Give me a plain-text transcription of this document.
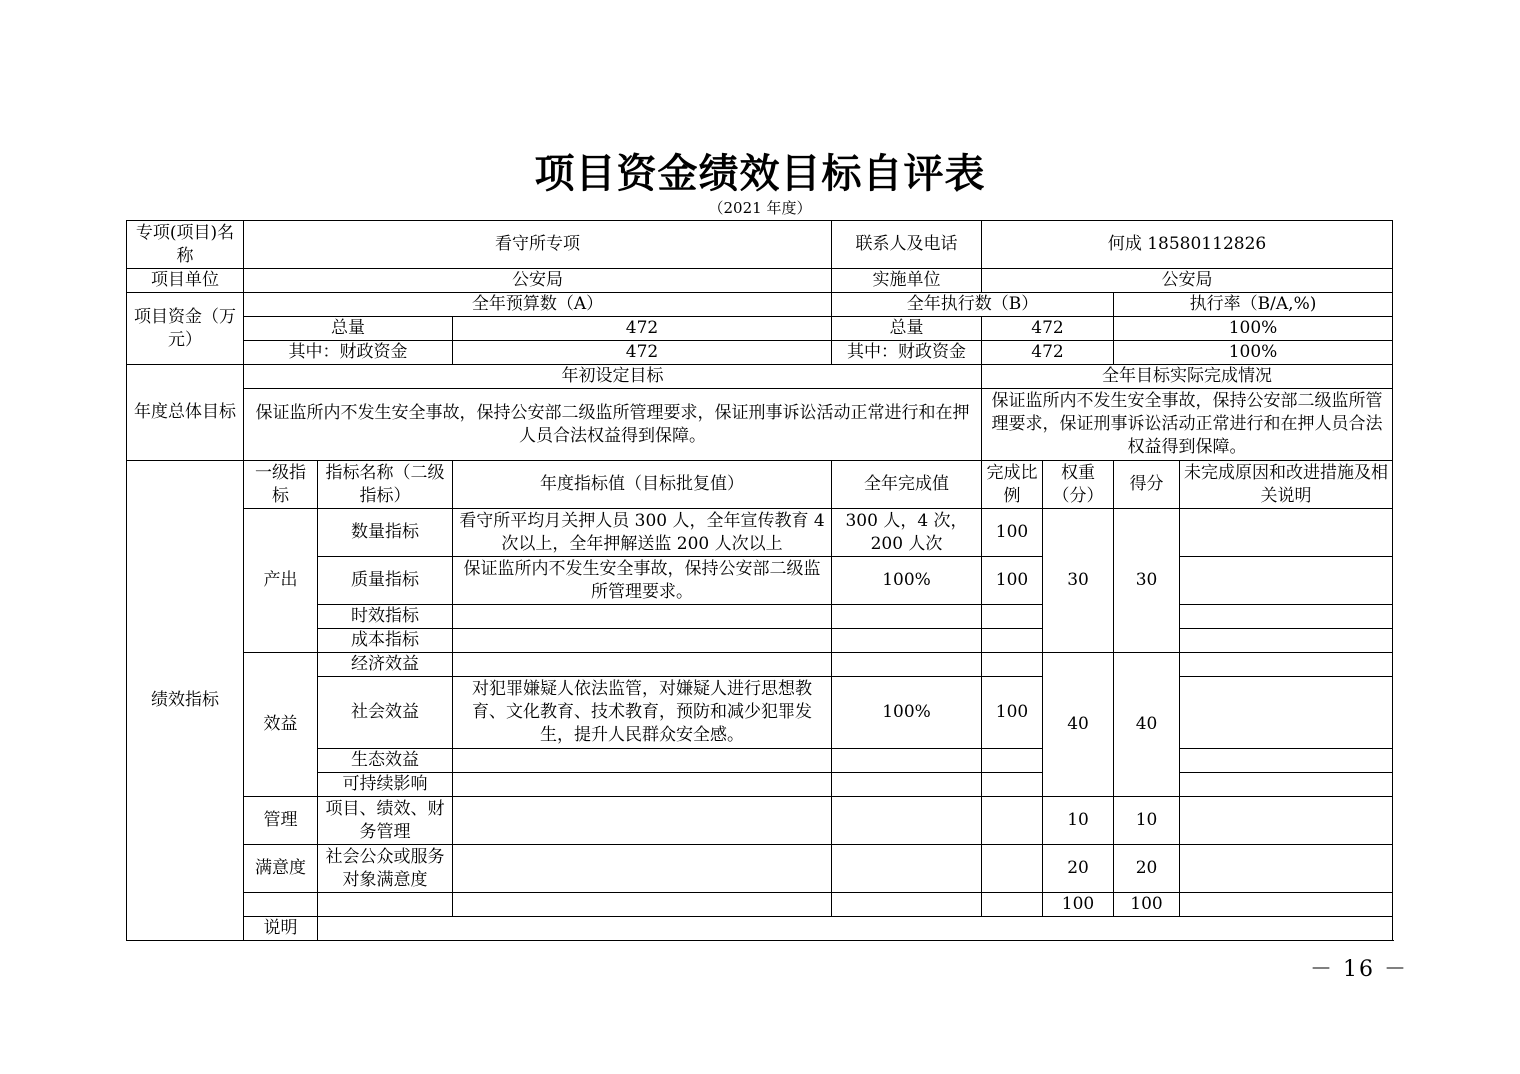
项目资金绩效目标自评表
（2021 年度）
专项(项目)名称	看守所专项			联系人及电话	何成 18580112826			
项目单位	公安局			实施单位	公安局			
项目资金（万元）	全年预算数（A）			全年执行数（B）			执行率（B/A,%)	
	总量		472	总量	472		100%	
	其中：财政资金		472	其中：财政资金	472		100%	
年度总体目标	年初设定目标				全年目标实际完成情况			
	保证监所内不发生安全事故，保持公安部二级监所管理要求，保证刑事诉讼活动正常进行和在押人员合法权益得到保障。				保证监所内不发生安全事故，保持公安部二级监所管理要求，保证刑事诉讼活动正常进行和在押人员合法权益得到保障。			
绩效指标	一级指标	指标名称（二级指标）	年度指标值（目标批复值）	全年完成值	完成比例	权重（分）	得分	未完成原因和改进措施及相关说明
	产出	数量指标	看守所平均月关押人员 300 人，全年宣传教育 4 次以上，全年押解送监 200 人次以上	300 人，4 次，200 人次	100	30	30	
		质量指标	保证监所内不发生安全事故，保持公安部二级监所管理要求。	100%	100			
		时效指标						
		成本指标						
	效益	经济效益				40	40	
		社会效益	对犯罪嫌疑人依法监管，对嫌疑人进行思想教育、文化教育、技术教育，预防和减少犯罪发生，提升人民群众安全感。	100%	100			
		生态效益						
		可持续影响						
	管理	项目、绩效、财务管理				10	10	
	满意度	社会公众或服务对象满意度				20	20	
						100	100	
	说明							
－ 16 －
